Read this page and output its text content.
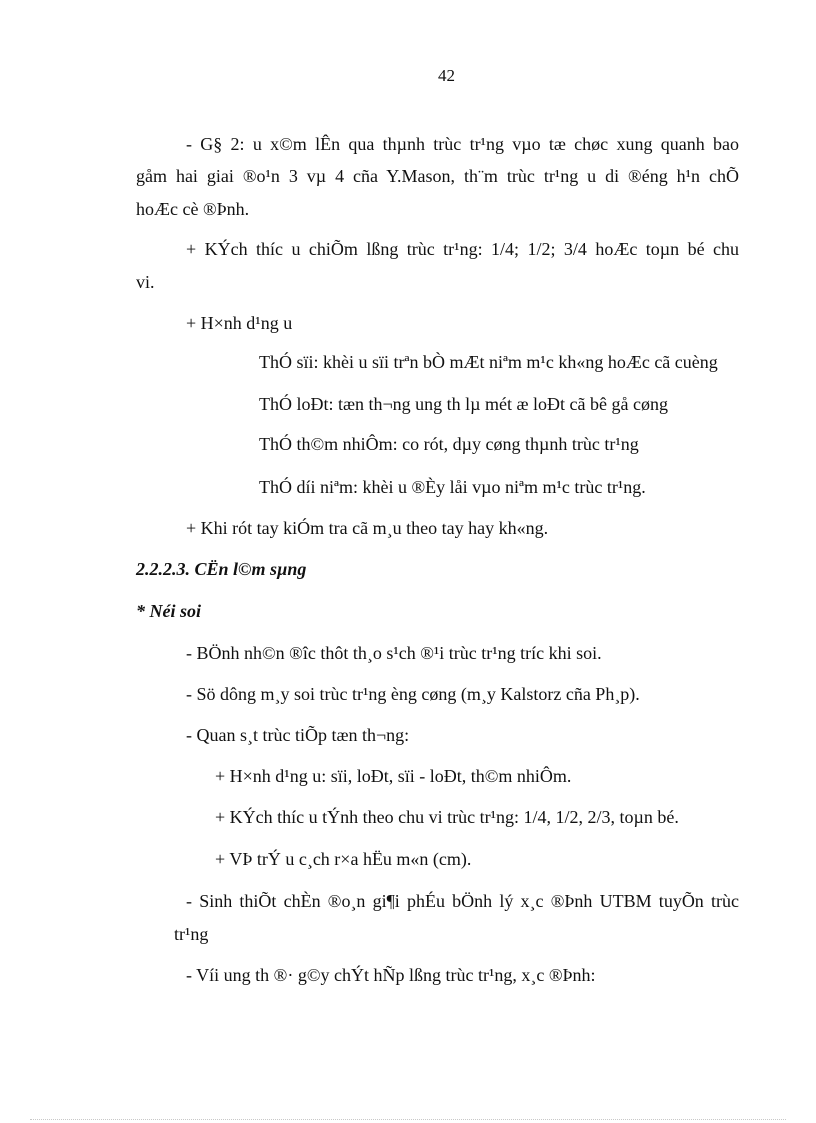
42
- G§ 2: u x©m lÊn qua thµnh trùc tr¹ng vµo tæ chøc xung quanh bao
gåm hai giai ®o¹n 3 vµ 4 cña Y.Mason, th¨m trùc tr¹ng u di ®éng h¹n chÕ
hoÆc cè ®Þnh.
+ KÝch thíc u chiÕm lßng trùc tr¹ng: 1/4; 1/2; 3/4 hoÆc toµn bé chu
vi.
+ H×nh d¹ng u
ThÓ sïi: khèi u sïi trªn bÒ mÆt niªm m¹c kh«ng hoÆc cã cuèng
ThÓ loÐt: tæn th¬ng ung th lµ mét æ loÐt cã bê gå cøng
ThÓ th©m nhiÔm: co rót, dµy cøng thµnh trùc tr¹ng
ThÓ díi niªm: khèi u ®Èy låi vµo niªm m¹c trùc tr¹ng.
+ Khi rót tay kiÓm tra cã m¸u theo tay hay kh«ng.
2.2.2.3. CËn l©m sµng
* Néi soi
- BÖnh nh©n ®îc thôt th¸o s¹ch ®¹i trùc tr¹ng tríc khi soi.
- Sö dông m¸y soi trùc tr¹ng èng cøng (m¸y Kalstorz cña Ph¸p).
- Quan s¸t trùc tiÕp tæn th¬ng:
+ H×nh d¹ng u: sïi, loÐt, sïi - loÐt, th©m nhiÔm.
+ KÝch thíc u tÝnh theo chu vi trùc tr¹ng: 1/4, 1/2, 2/3, toµn bé.
+ VÞ trÝ u c¸ch r×a hËu m«n (cm).
- Sinh thiÕt chÈn ®o¸n gi¶i phÉu bÖnh lý x¸c ®Þnh UTBM tuyÕn trùc
tr¹ng
- Víi ung th ®· g©y chÝt hÑp lßng trùc tr¹ng, x¸c ®Þnh:
